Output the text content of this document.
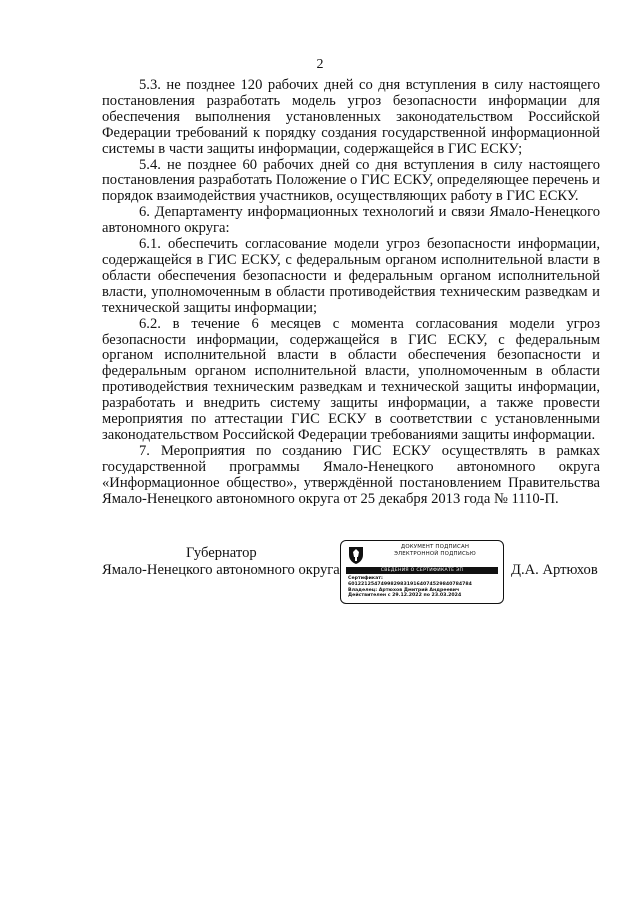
2

5.3. не позднее 120 рабочих дней со дня вступления в силу настоящего постановления разработать модель угроз безопасности информации для обеспечения выполнения установленных законодательством Российской Федерации требований к порядку создания государственной информационной системы в части защиты информации, содержащейся в ГИС ЕСКУ;

5.4. не позднее 60 рабочих дней со дня вступления в силу настоящего постановления разработать Положение о ГИС ЕСКУ, определяющее перечень и порядок взаимодействия участников, осуществляющих работу в ГИС ЕСКУ.

6. Департаменту информационных технологий и связи Ямало-Ненецкого автономного округа:

6.1. обеспечить согласование модели угроз безопасности информации, содержащейся в ГИС ЕСКУ, с федеральным органом исполнительной власти в области обеспечения безопасности и федеральным органом исполнительной власти, уполномоченным в области противодействия техническим разведкам и технической защиты информации;

6.2. в течение 6 месяцев с момента согласования модели угроз безопасности информации, содержащейся в ГИС ЕСКУ, с федеральным органом исполнительной власти в области обеспечения безопасности и федеральным органом исполнительной власти, уполномоченным в области противодействия техническим разведкам и технической защиты информации, разработать и внедрить систему защиты информации, а также провести мероприятия по аттестации ГИС ЕСКУ в соответствии с установленными законодательством Российской Федерации требованиями защиты информации.

7. Мероприятия по созданию ГИС ЕСКУ осуществлять в рамках государственной программы Ямало-Ненецкого автономного округа «Информационное общество», утверждённой постановлением Правительства Ямало-Ненецкого автономного округа от 25 декабря 2013 года № 1110-П.

Губернатор
Ямало-Ненецкого автономного округа
ДОКУМЕНТ ПОДПИСАН
ЭЛЕКТРОННОЙ ПОДПИСЬЮ
СВЕДЕНИЯ О СЕРТИФИКАТЕ ЭП
Сертификат:
60122125474998298319164074529840784784
Владелец: Артюхов Дмитрий Андреевич
Действителен с 29.12.2022 по 23.03.2024
Д.А. Артюхов
